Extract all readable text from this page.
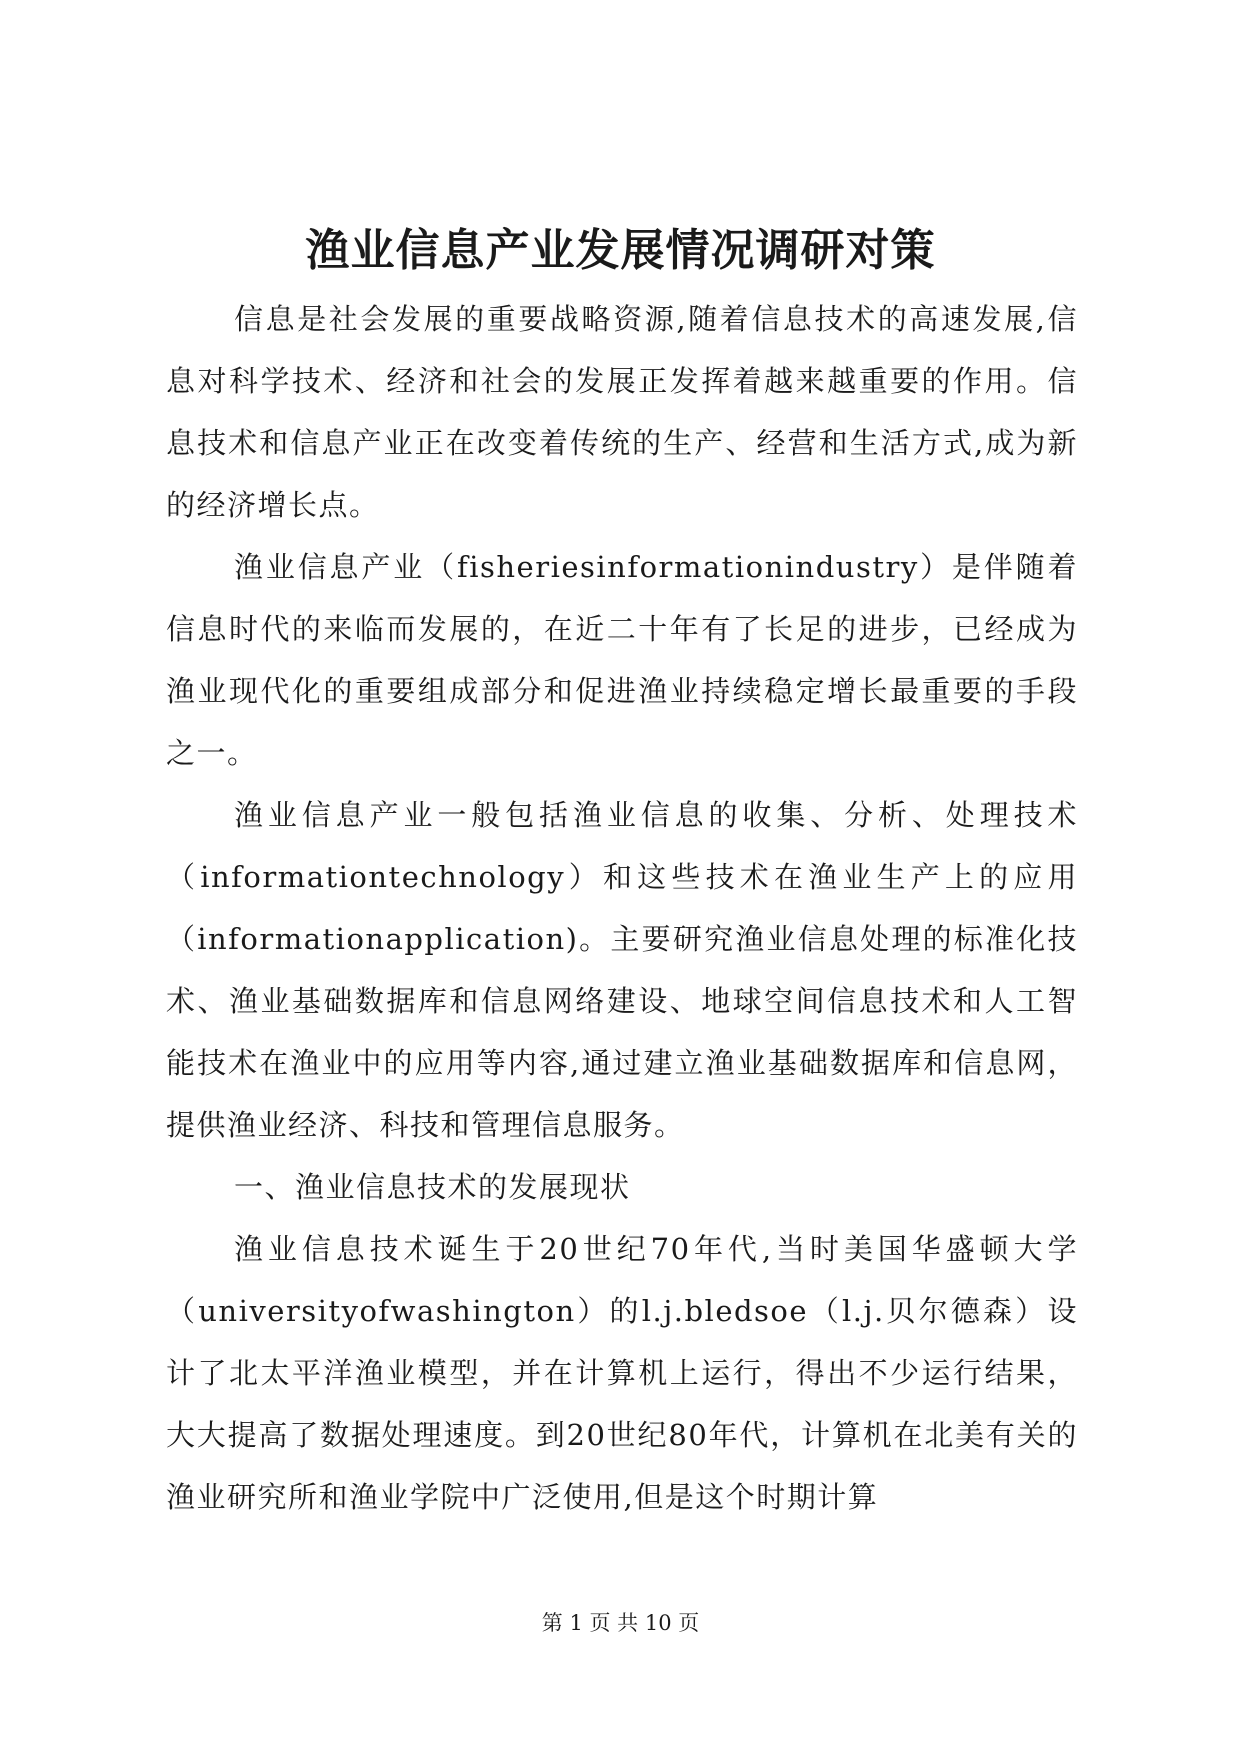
渔业信息产业发展情况调研对策

信息是社会发展的重要战略资源,随着信息技术的高速发展,信息对科学技术、经济和社会的发展正发挥着越来越重要的作用。信息技术和信息产业正在改变着传统的生产、经营和生活方式,成为新的经济增长点。

渔业信息产业（fisheriesinformationindustry）是伴随着信息时代的来临而发展的，在近二十年有了长足的进步，已经成为渔业现代化的重要组成部分和促进渔业持续稳定增长最重要的手段之一。

渔业信息产业一般包括渔业信息的收集、分析、处理技术（informationtechnology）和这些技术在渔业生产上的应用（informationapplication)。主要研究渔业信息处理的标准化技术、渔业基础数据库和信息网络建设、地球空间信息技术和人工智能技术在渔业中的应用等内容,通过建立渔业基础数据库和信息网，提供渔业经济、科技和管理信息服务。

一、渔业信息技术的发展现状

渔业信息技术诞生于20世纪70年代,当时美国华盛顿大学（universityofwashington）的l.j.bledsoe（l.j.贝尔德森）设计了北太平洋渔业模型，并在计算机上运行，得出不少运行结果，大大提高了数据处理速度。到20世纪80年代，计算机在北美有关的渔业研究所和渔业学院中广泛使用,但是这个时期计算

第 1 页 共 10 页
